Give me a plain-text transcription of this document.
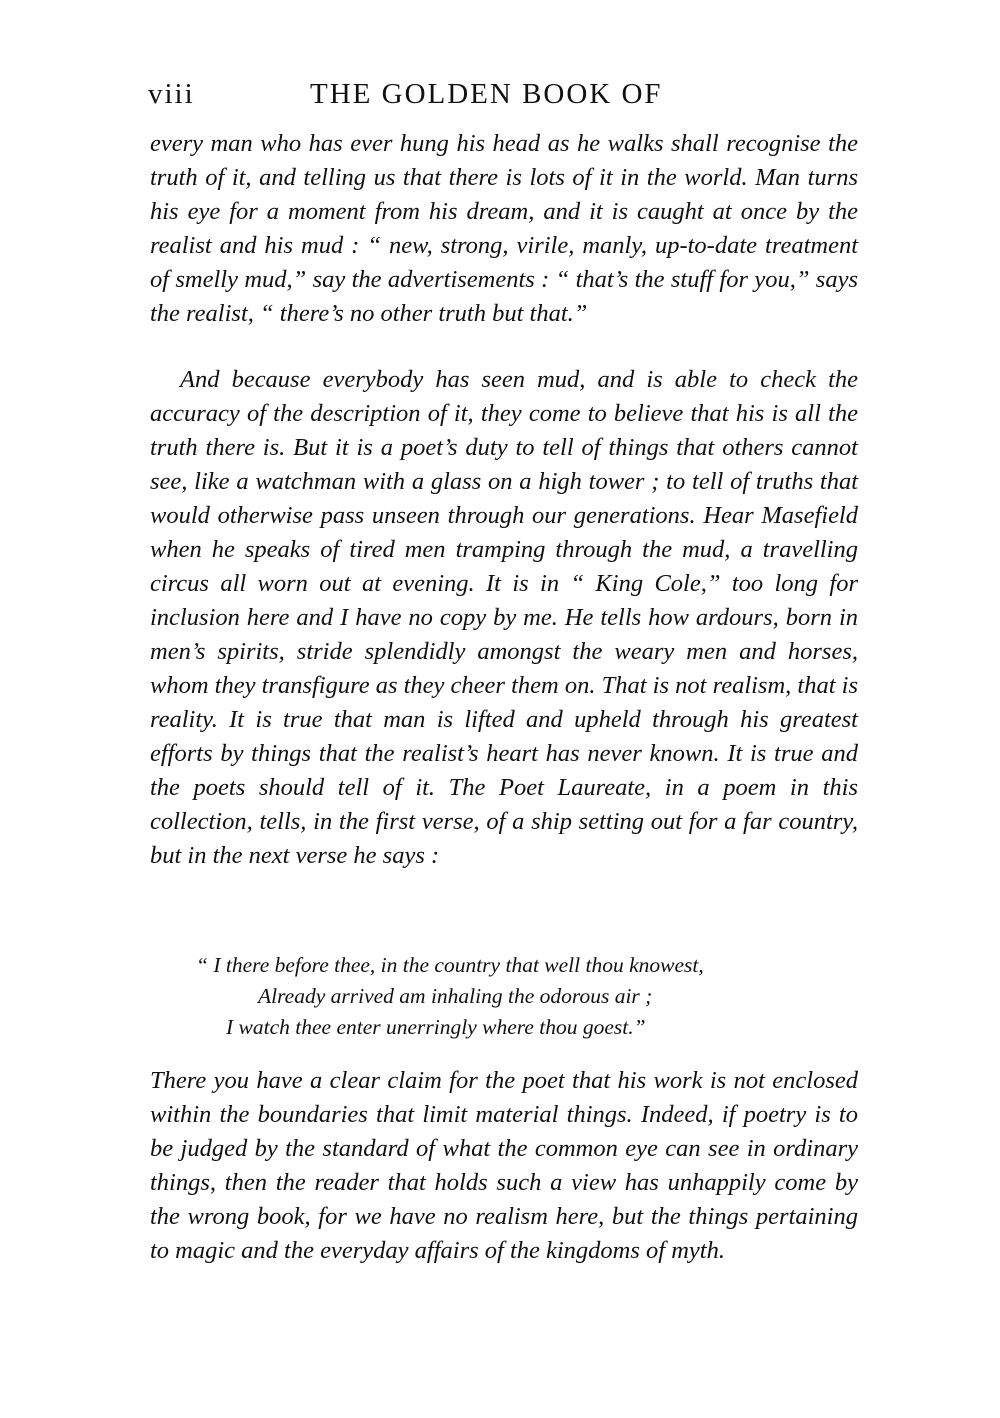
viii	THE GOLDEN BOOK OF

every man who has ever hung his head as he walks shall recognise the truth of it, and telling us that there is lots of it in the world. Man turns his eye for a moment from his dream, and it is caught at once by the realist and his mud : “ new, strong, virile, manly, up-to-date treatment of smelly mud,” say the advertisements : “ that’s the stuff for you,” says the realist, “ there’s no other truth but that.”

And because everybody has seen mud, and is able to check the accuracy of the description of it, they come to believe that his is all the truth there is. But it is a poet’s duty to tell of things that others cannot see, like a watchman with a glass on a high tower ; to tell of truths that would otherwise pass unseen through our generations. Hear Masefield when he speaks of tired men tramping through the mud, a travelling circus all worn out at evening. It is in “ King Cole,” too long for inclusion here and I have no copy by me. He tells how ardours, born in men’s spirits, stride splendidly amongst the weary men and horses, whom they transfigure as they cheer them on. That is not realism, that is reality. It is true that man is lifted and upheld through his greatest efforts by things that the realist’s heart has never known. It is true and the poets should tell of it. The Poet Laureate, in a poem in this collection, tells, in the first verse, of a ship setting out for a far country, but in the next verse he says :

“ I there before thee, in the country that well thou knowest,
Already arrived am inhaling the odorous air ;
I watch thee enter unerringly where thou goest.”

There you have a clear claim for the poet that his work is not enclosed within the boundaries that limit material things. Indeed, if poetry is to be judged by the standard of what the common eye can see in ordinary things, then the reader that holds such a view has unhappily come by the wrong book, for we have no realism here, but the things pertaining to magic and the everyday affairs of the kingdoms of myth.
